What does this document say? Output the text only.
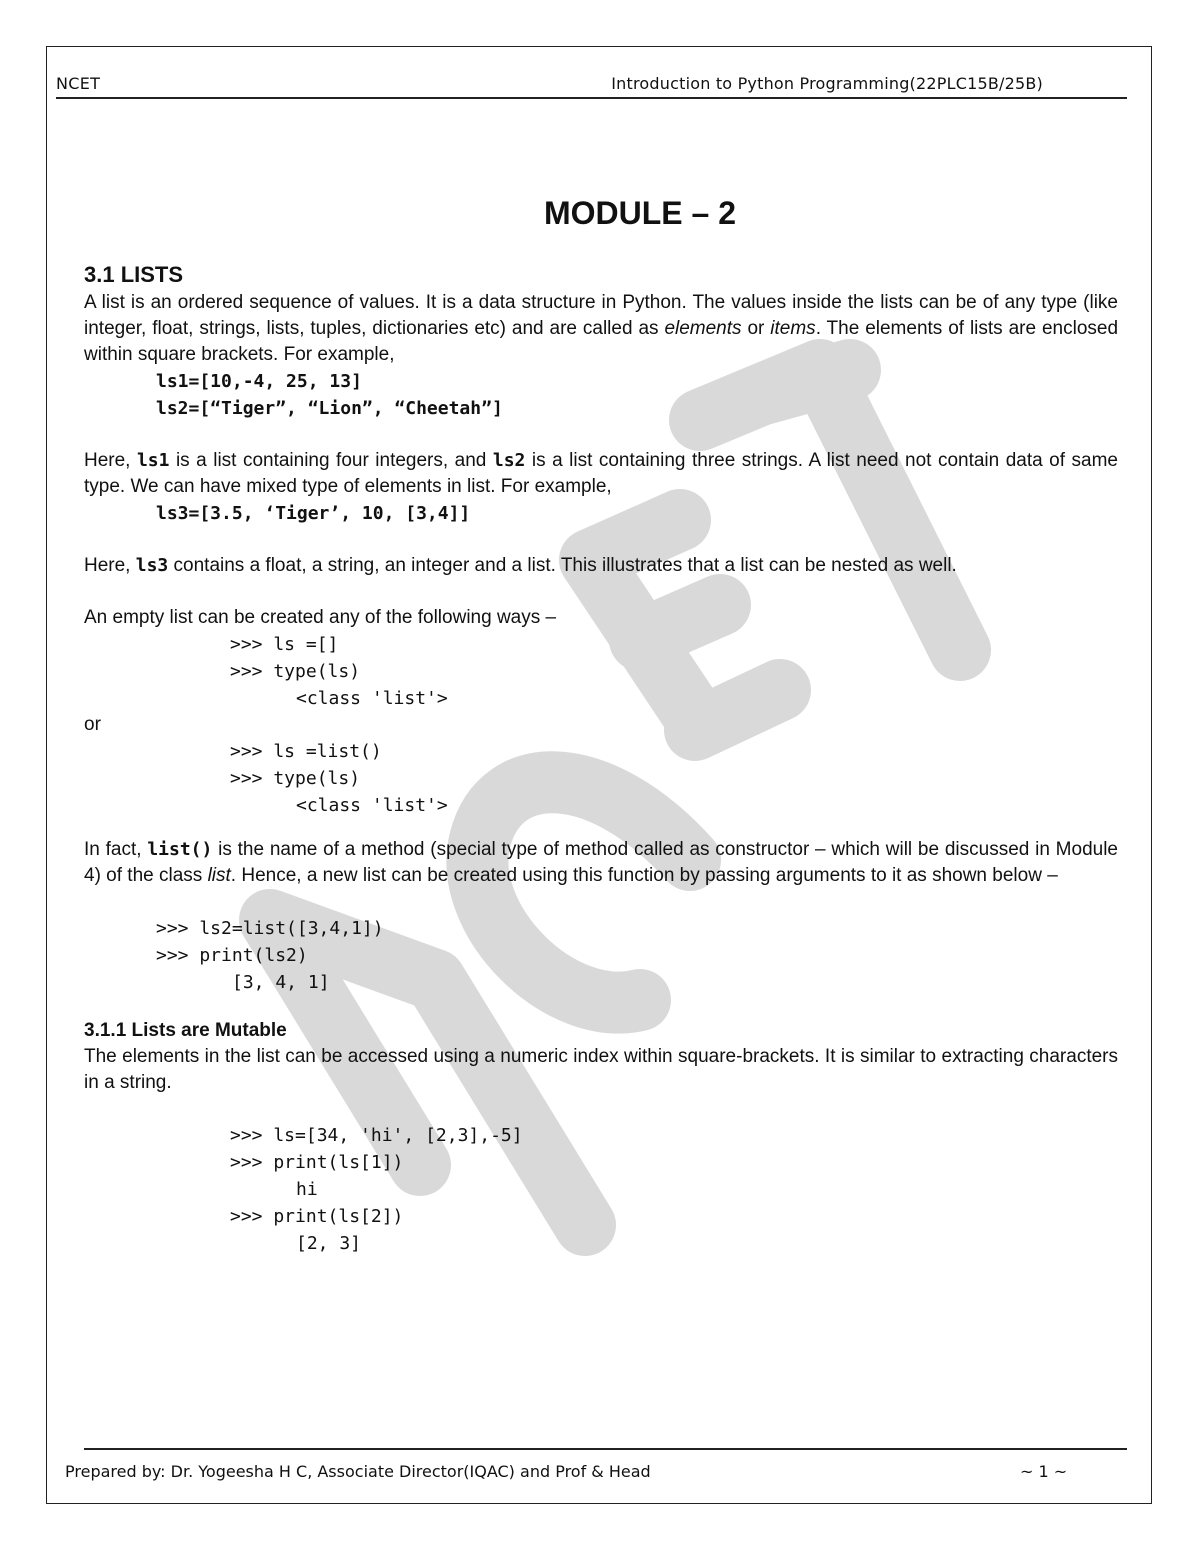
NCET	Introduction to Python Programming(22PLC15B/25B)
MODULE – 2
3.1 LISTS

A list is an ordered sequence of values. It is a data structure in Python. The values inside the lists can be of any type (like integer, float, strings, lists, tuples, dictionaries etc) and are called as elements or items. The elements of lists are enclosed within square brackets. For example,

ls1=[10,-4, 25, 13]
ls2=[“Tiger”, “Lion”, “Cheetah”]

Here, ls1 is a list containing four integers, and ls2 is a list containing three strings. A list need not contain data of same type. We can have mixed type of elements in list. For example,

ls3=[3.5, ‘Tiger’, 10, [3,4]]

Here, ls3 contains a float, a string, an integer and a list. This illustrates that a list can be nested as well.

An empty list can be created any of the following ways –

>>> ls =[]
>>> type(ls)
<class 'list'>

or

>>> ls =list()
>>> type(ls)
<class 'list'>

In fact, list() is the name of a method (special type of method called as constructor – which will be discussed in Module 4) of the class list. Hence, a new list can be created using this function by passing arguments to it as shown below –

>>> ls2=list([3,4,1])
>>> print(ls2)
[3, 4, 1]
3.1.1 Lists are Mutable

The elements in the list can be accessed using a numeric index within square-brackets. It is similar to extracting characters in a string.

>>> ls=[34, 'hi', [2,3],-5]
>>> print(ls[1])
hi
>>> print(ls[2])
[2, 3]
Prepared by: Dr. Yogeesha H C, Associate Director(IQAC) and Prof & Head	~ 1 ~
